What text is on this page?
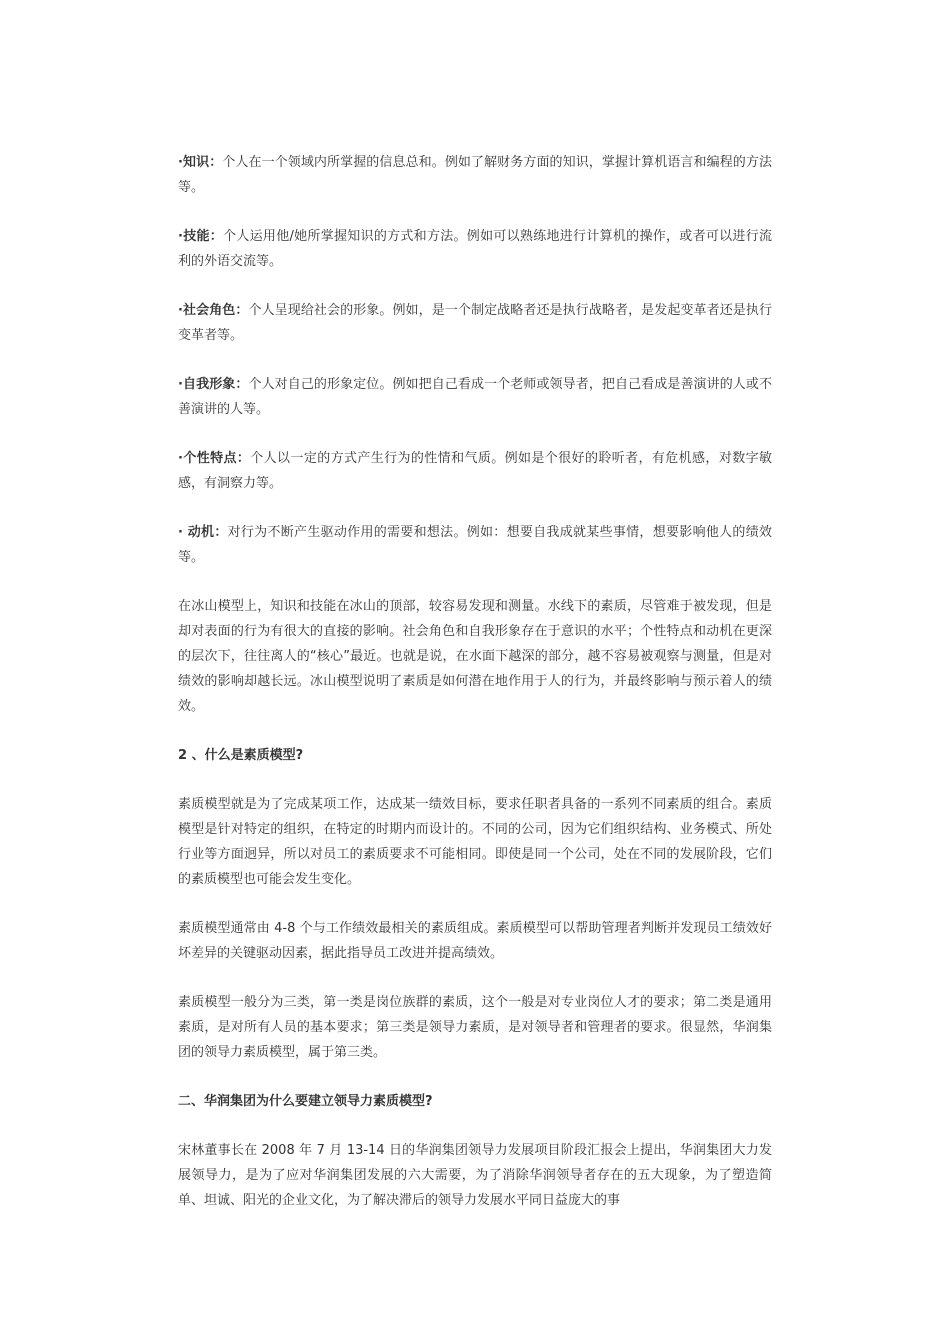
·知识：个人在一个领域内所掌握的信息总和。例如了解财务方面的知识，掌握计算机语言和编程的方法等。

·技能：个人运用他/她所掌握知识的方式和方法。例如可以熟练地进行计算机的操作，或者可以进行流利的外语交流等。

·社会角色：个人呈现给社会的形象。例如，是一个制定战略者还是执行战略者，是发起变革者还是执行变革者等。

·自我形象：个人对自己的形象定位。例如把自己看成一个老师或领导者，把自己看成是善演讲的人或不善演讲的人等。

·个性特点：个人以一定的方式产生行为的性情和气质。例如是个很好的聆听者，有危机感，对数字敏感，有洞察力等。

· 动机：对行为不断产生驱动作用的需要和想法。例如：想要自我成就某些事情，想要影响他人的绩效等。

在冰山模型上，知识和技能在冰山的顶部，较容易发现和测量。水线下的素质，尽管难于被发现，但是却对表面的行为有很大的直接的影响。社会角色和自我形象存在于意识的水平；个性特点和动机在更深的层次下，往往离人的“核心”最近。也就是说，在水面下越深的部分，越不容易被观察与测量，但是对绩效的影响却越长远。冰山模型说明了素质是如何潜在地作用于人的行为，并最终影响与预示着人的绩效。

2 、什么是素质模型?

素质模型就是为了完成某项工作，达成某一绩效目标，要求任职者具备的一系列不同素质的组合。素质模型是针对特定的组织，在特定的时期内而设计的。不同的公司，因为它们组织结构、业务模式、所处行业等方面迥异，所以对员工的素质要求不可能相同。即使是同一个公司，处在不同的发展阶段，它们的素质模型也可能会发生变化。

素质模型通常由 4-8 个与工作绩效最相关的素质组成。素质模型可以帮助管理者判断并发现员工绩效好坏差异的关键驱动因素，据此指导员工改进并提高绩效。

素质模型一般分为三类，第一类是岗位族群的素质，这个一般是对专业岗位人才的要求；第二类是通用素质，是对所有人员的基本要求；第三类是领导力素质，是对领导者和管理者的要求。很显然，华润集团的领导力素质模型，属于第三类。

二、华润集团为什么要建立领导力素质模型?

宋林董事长在 2008 年 7 月 13-14 日的华润集团领导力发展项目阶段汇报会上提出，华润集团大力发展领导力，是为了应对华润集团发展的六大需要，为了消除华润领导者存在的五大现象，为了塑造简单、坦诚、阳光的企业文化，为了解决滞后的领导力发展水平同日益庞大的事
